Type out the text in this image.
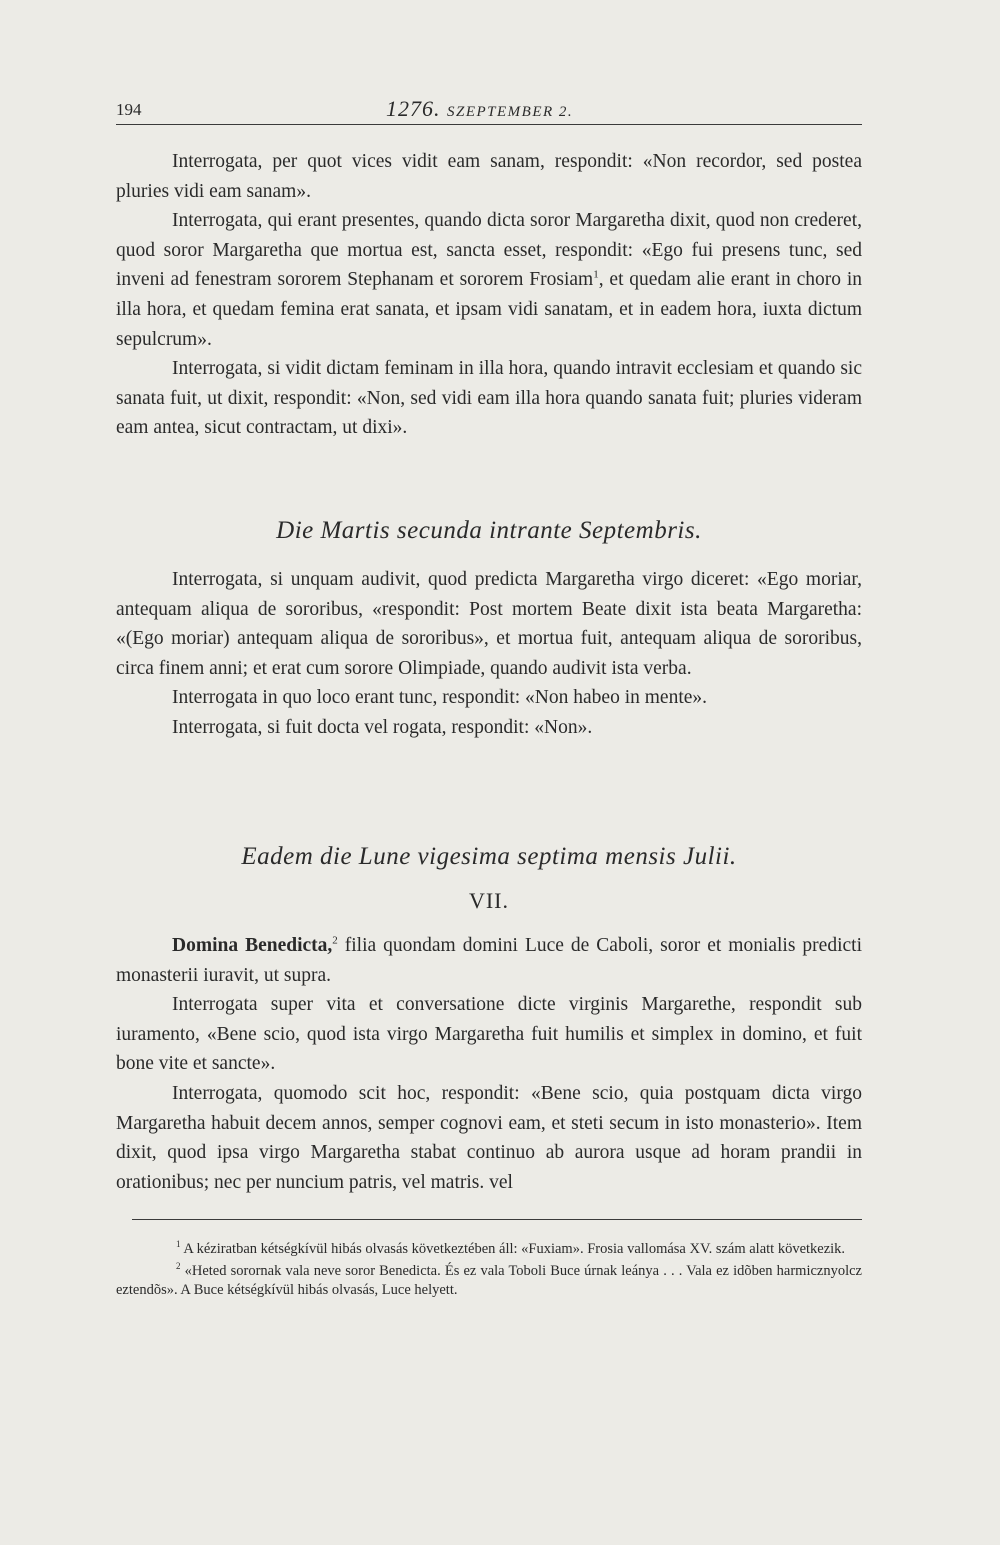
194	1276. SZEPTEMBER 2.

Interrogata, per quot vices vidit eam sanam, respondit: «Non recordor, sed postea pluries vidi eam sanam».

Interrogata, qui erant presentes, quando dicta soror Margaretha dixit, quod non crederet, quod soror Margaretha que mortua est, sancta esset, respondit: «Ego fui presens tunc, sed inveni ad fenestram sororem Stephanam et sororem Frosiam$^1$, et quedam alie erant in choro in illa hora, et quedam femina erat sanata, et ipsam vidi sanatam, et in eadem hora, iuxta dictum sepulcrum».

Interrogata, si vidit dictam feminam in illa hora, quando intravit ecclesiam et quando sic sanata fuit, ut dixit, respondit: «Non, sed vidi eam illa hora quando sanata fuit; pluries videram eam antea, sicut contractam, ut dixi».

Die Martis secunda intrante Septembris.

Interrogata, si unquam audivit, quod predicta Margaretha virgo diceret: «Ego moriar, antequam aliqua de sororibus, «respondit: Post mortem Beate dixit ista beata Margaretha: «(Ego moriar) antequam aliqua de sororibus», et mortua fuit, antequam aliqua de sororibus, circa finem anni; et erat cum sorore Olimpiade, quando audivit ista verba.

Interrogata in quo loco erant tunc, respondit: «Non habeo in mente».

Interrogata, si fuit docta vel rogata, respondit: «Non».

Eadem die Lune vigesima septima mensis Julii.
VII.

Domina Benedicta,$^2$ filia quondam domini Luce de Caboli, soror et monialis predicti monasterii iuravit, ut supra.

Interrogata super vita et conversatione dicte virginis Margarethe, respondit sub iuramento, «Bene scio, quod ista virgo Margaretha fuit humilis et simplex in domino, et fuit bone vite et sancte».

Interrogata, quomodo scit hoc, respondit: «Bene scio, quia postquam dicta virgo Margaretha habuit decem annos, semper cognovi eam, et steti secum in isto monasterio». Item dixit, quod ipsa virgo Margaretha stabat continuo ab aurora usque ad horam prandii in orationibus; nec per nuncium patris, vel matris. vel

$^1$ A kéziratban kétségkívül hibás olvasás következtében áll: «Fuxiam». Frosia vallomása XV. szám alatt következik.

$^2$ «Heted sorornak vala neve soror Benedicta. És ez vala Toboli Buce úrnak leánya . . . Vala ez idõben harmicznyolcz eztendõs». A Buce kétségkívül hibás olvasás, Luce helyett.
